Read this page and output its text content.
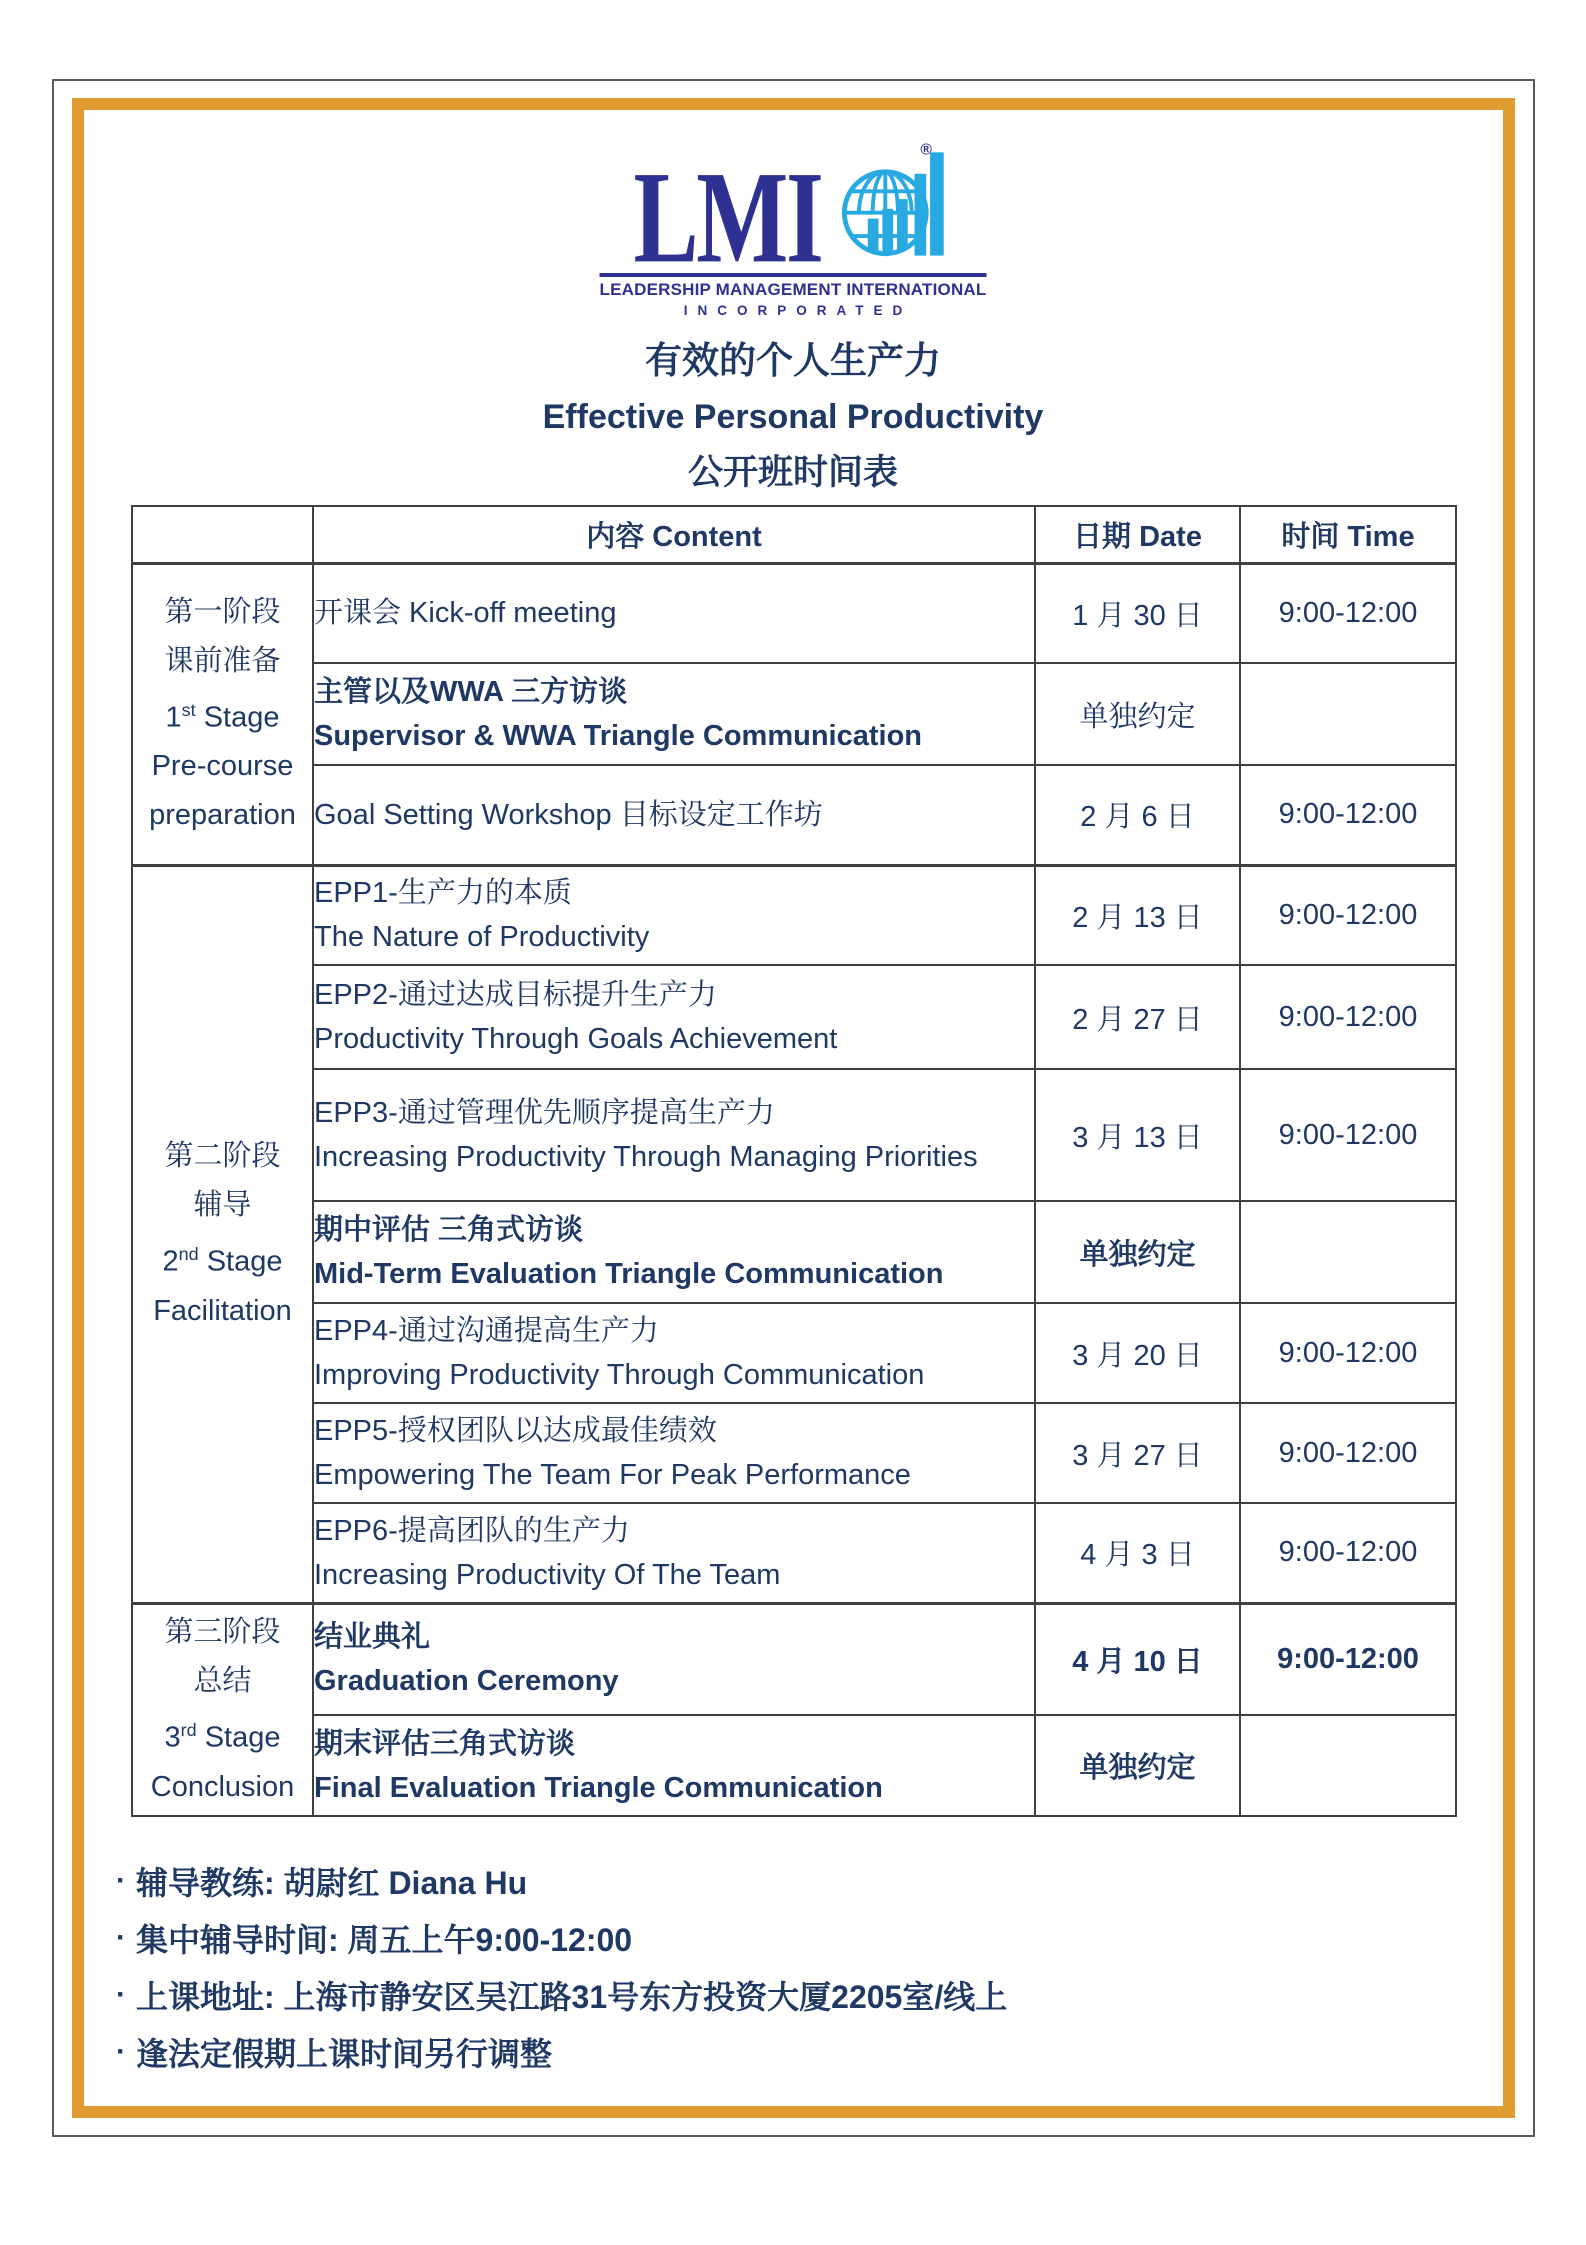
LMI	®
LEADERSHIP MANAGEMENT INTERNATIONAL
INCORPORATED
有效的个人生产力
Effective Personal Productivity
公开班时间表
	内容 Content	日期 Date	时间 Time

第一阶段
课前准备
1st Stage
Pre-course
preparation	开课会 Kick-off meeting	1 月 30 日	9:00-12:00

	主管以及WWA 三方访谈
Supervisor & WWA Triangle Communication	单独约定	

	Goal Setting Workshop 目标设定工作坊	2 月 6 日	9:00-12:00

第二阶段
辅导
2nd Stage
Facilitation

EPP1-生产力的本质
The Nature of Productivity
	2 月 13 日	9:00-12:00

	EPP2-通过达成目标提升生产力
Productivity Through Goals Achievement	2 月 27 日	9:00-12:00

	EPP3-通过管理优先顺序提高生产力
Increasing Productivity Through Managing Priorities	3 月 13 日	9:00-12:00

	期中评估 三角式访谈
Mid-Term Evaluation Triangle Communication	单独约定	

	EPP4-通过沟通提高生产力
Improving Productivity Through Communication	3 月 20 日	9:00-12:00

	EPP5-授权团队以达成最佳绩效
Empowering The Team For Peak Performance	3 月 27 日	9:00-12:00

	EPP6-提高团队的生产力
Increasing Productivity Of The Team	4 月 3 日	9:00-12:00

第三阶段
总结
3rd Stage
Conclusion

结业典礼
Graduation Ceremony
	4 月 10 日	9:00-12:00

	期末评估三角式访谈
Final Evaluation Triangle Communication	单独约定	
· 辅导教练: 胡尉红 Diana Hu
· 集中辅导时间: 周五上午9:00-12:00
· 上课地址: 上海市静安区吴江路31号东方投资大厦2205室/线上
· 逢法定假期上课时间另行调整
